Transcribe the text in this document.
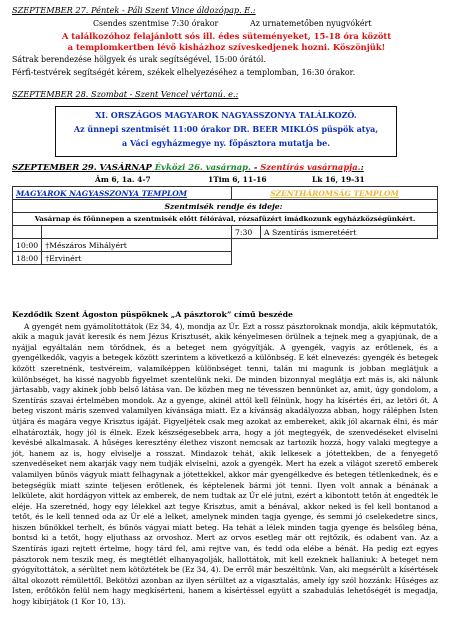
SZEPTEMBER 27. Péntek - Páli Szent Vince áldozópap. E.:
Csendes szentmise 7:30 órakor	Az urnatemetőben nyugvókért
A találkozóhoz felajánlott sós ill. édes süteményeket, 15-18 óra között
a templomkertben lévő kisházhoz szíveskedjenek hozni. Köszönjük!
Sátrak berendezése hölgyek és urak segítségével, 15:00 órától.
Férfi-testvérek segítségét kérem, székek elhelyezéséhez a templomban, 16:30 órakor.
SZEPTEMBER 28. Szombat - Szent Vencel vértanú. e.:
XI. ORSZÁGOS MAGYAROK NAGYASSZONYA TALÁLKOZÓ.
Az ünnepi szentmisét 11:00 órakor DR. BEER MIKLÓS püspök atya,
a Váci egyházmegye ny. főpásztora mutatja be.
SZEPTEMBER 29. VASÁRNAP Évközi 26. vasárnap. - Szentírás vasárnapja.:
Ám 6, 1a. 4-7	1Tim 6, 11-16	Lk 16, 19-31
MAGYAROK NAGYASSZONYA TEMPLOM		SZENTHÁROMSÁG TEMPLOM	
Szentmisék rendje és ideje:			
Vasárnap és főünnepen a szentmisék előtt félórával, rózsafüzért imádkozunk egyházközségünkért.			
		7:30	A Szentírás ismeretéért
10:00	†Mészáros Mihályért		
18:00	†Ervinért		

Kezdődik Szent Ágoston püspöknek „A pásztorok” című beszéde

A gyengét nem gyámolítottátok (Ez 34, 4), mondja az Úr. Ezt a rossz pásztoroknak mondja, akik képmutatók, akik a maguk javát keresik és nem Jézus Krisztusét, akik kényelmesen örülnek a tejnek meg a gyapjúnak, de a nyájjal egyáltalán nem törődnek, és a beteget nem gyógyítják. A gyengék, vagyis az erőtlenek, és a gyengélkedők, vagyis a betegek között szerintem a következő a különbség. E két elnevezés: gyengék és betegek között szeretnénk, testvéreim, valamiképpen különbséget tenni, talán mi magunk is jobban meglátjuk a különbséget, ha kissé nagyobb figyelmet szentelünk neki. De minden bizonnyal meglátja ezt más is, aki nálunk jártasabb, vagy akinek jobb belső látása van. De közben meg ne tévesszen bennünket az, amit, úgy gondolom, a Szentírás szavai értelmében mondok. Az a gyenge, akinél attól kell félnünk, hogy ha kísértés éri, az letöri őt. A beteg viszont máris szenved valamilyen kívánsága miatt. Ez a kívánság akadályozza abban, hogy ráléphen Isten útjára és magára vegye Krisztus igáját. Figyeljétek csak meg azokat az embereket, akik jól akarnak élni, és már elhatározták, hogy jól is élnek. Ezek készségesebbek arra, hogy a jót megtegyék, de szenvedéseket elviselni kevésbé alkalmasak. A hűséges keresztény élethez viszont nemcsak az tartozik hozzá, hogy valaki megtegye a jót, hanem az is, hogy elviselje a rosszat. Mindazok tehát, akik lelkesek a jótettekben, de a fenyegető szenvedéseket nem akarják vagy nem tudják elviselni, azok a gyengék. Mert ha ezek a világot szerető emberek valamilyen bűnös vágyuk miatt felhagynak a jótettekkel, akkor már gyengélkedve és betegen tétlenkednek, és e betegségük miatt szinte teljesen erőtlenek, és képtelenek bármi jót tenni. Ilyen volt annak a bénának a lelkülete, akit hordágyon vittek az emberek, de nem tudtak az Úr elé jutni, ezért a kibontott tetőn át engedték le eléje. Ha szeretnéd, hogy egy lélekkel azt tegye Krisztus, amit a bénával, akkor neked is fel kell bontanod a tetőt, és le kell tenned oda az Úr elé a lelket, amelynek minden tagja gyenge, és semmi jó cselekedetre sincs, hiszen bűnökkel terhelt, és bűnös vágyai miatt beteg. Ha tehát a lélek minden tagja gyenge és belsőleg béna, bontsd ki a tetőt, hogy eljuthass az orvoshoz. Mert az orvos esetleg már ott rejtőzik, és odabent van. Az a Szentírás igazi rejtett értelme, hogy tárd fel, ami rejtve van, és tedd oda elébe a bénát. Ha pedig ezt egyes pásztorok nem teszik meg, és megtétlét elhanyagolják, hallottátok, mit kell ezeknek hallaniuk: A beteget nem gyógyítottátok, a sérültet nem kötöztétek be (Ez 34, 4). De erről már beszéltünk. Van, aki megsérült a kísértések által okozott rémülettől. Bekötözi azonban az ilyen sérültet az a vigasztalás, amely így szól hozzánk: Hűséges az Isten, erőtökön felül nem hagy megkísérteni, hanem a kísértéssel együtt a szabadulás lehetőségét is megadja, hogy kibírjátok (1 Kor 10, 13).
